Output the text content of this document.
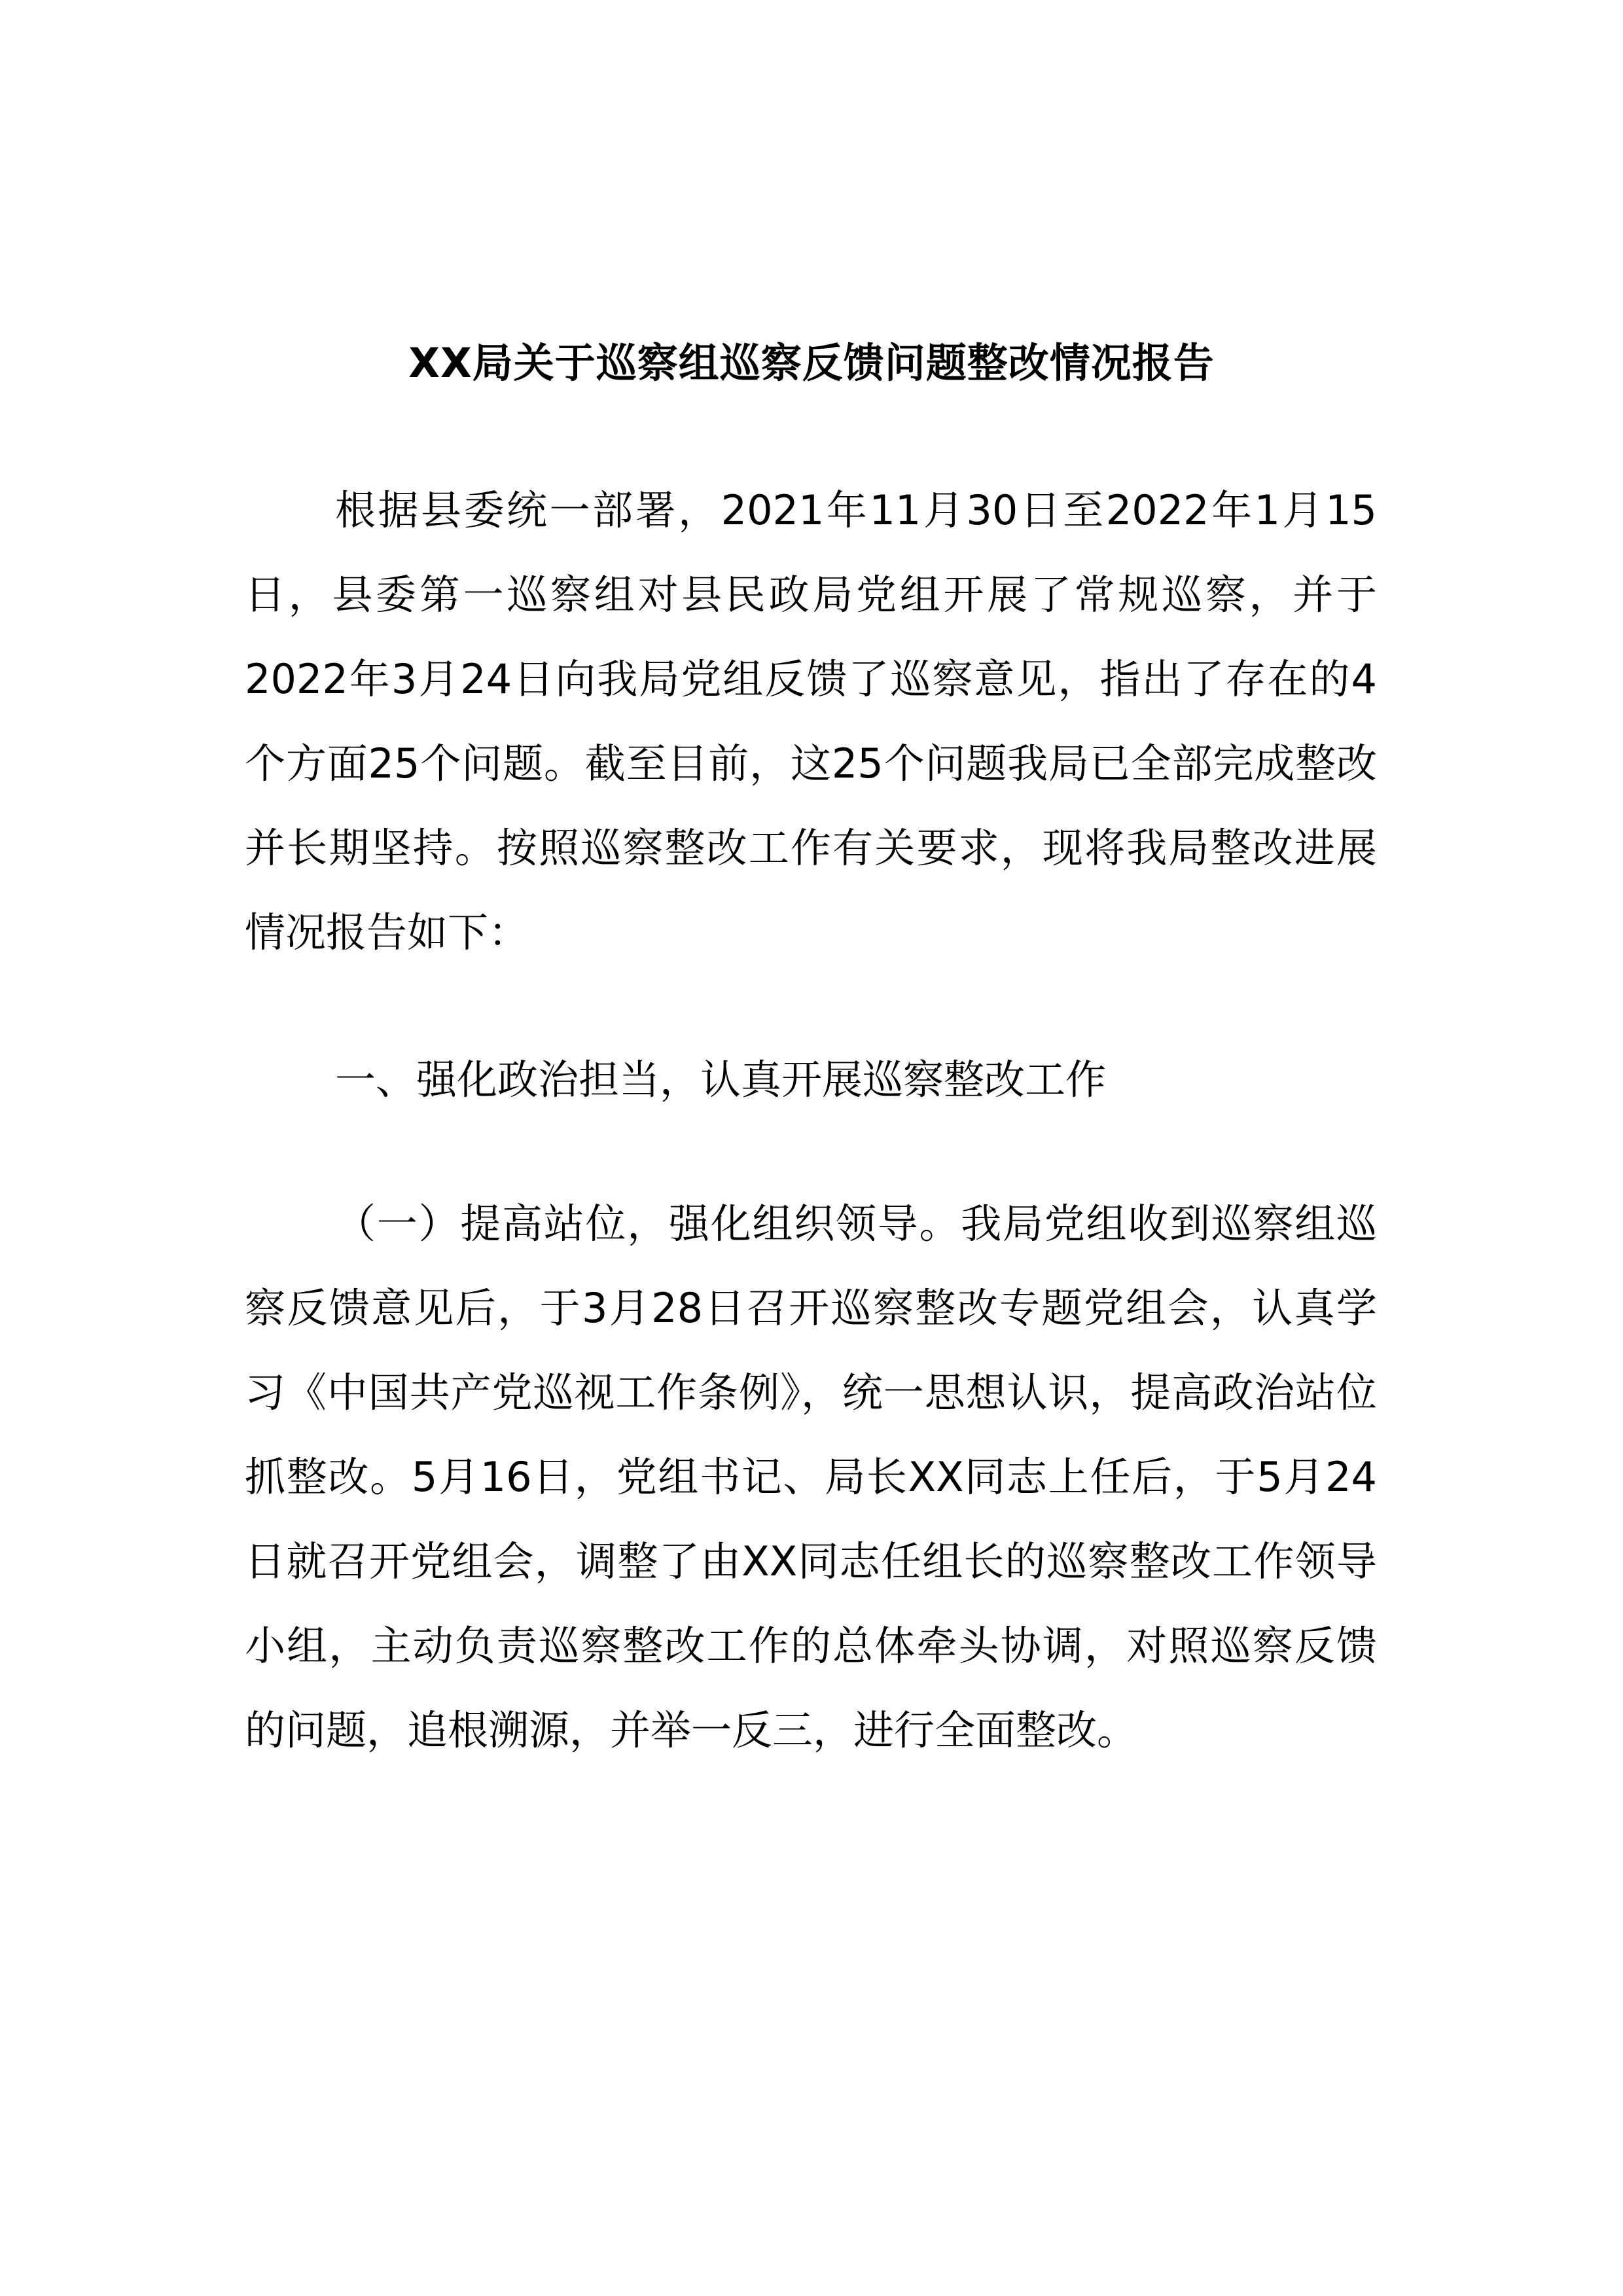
XX局关于巡察组巡察反馈问题整改情况报告

根据县委统一部署，2021年11月30日至2022年1月15日，县委第一巡察组对县民政局党组开展了常规巡察，并于2022年3月24日向我局党组反馈了巡察意见，指出了存在的4个方面25个问题。截至目前，这25个问题我局已全部完成整改并长期坚持。按照巡察整改工作有关要求，现将我局整改进展情况报告如下：

一、强化政治担当，认真开展巡察整改工作

（一）提高站位，强化组织领导。我局党组收到巡察组巡察反馈意见后，于3月28日召开巡察整改专题党组会，认真学习《中国共产党巡视工作条例》，统一思想认识，提高政治站位抓整改。5月16日，党组书记、局长XX同志上任后，于5月24日就召开党组会，调整了由XX同志任组长的巡察整改工作领导小组，主动负责巡察整改工作的总体牵头协调，对照巡察反馈的问题，追根溯源，并举一反三，进行全面整改。
